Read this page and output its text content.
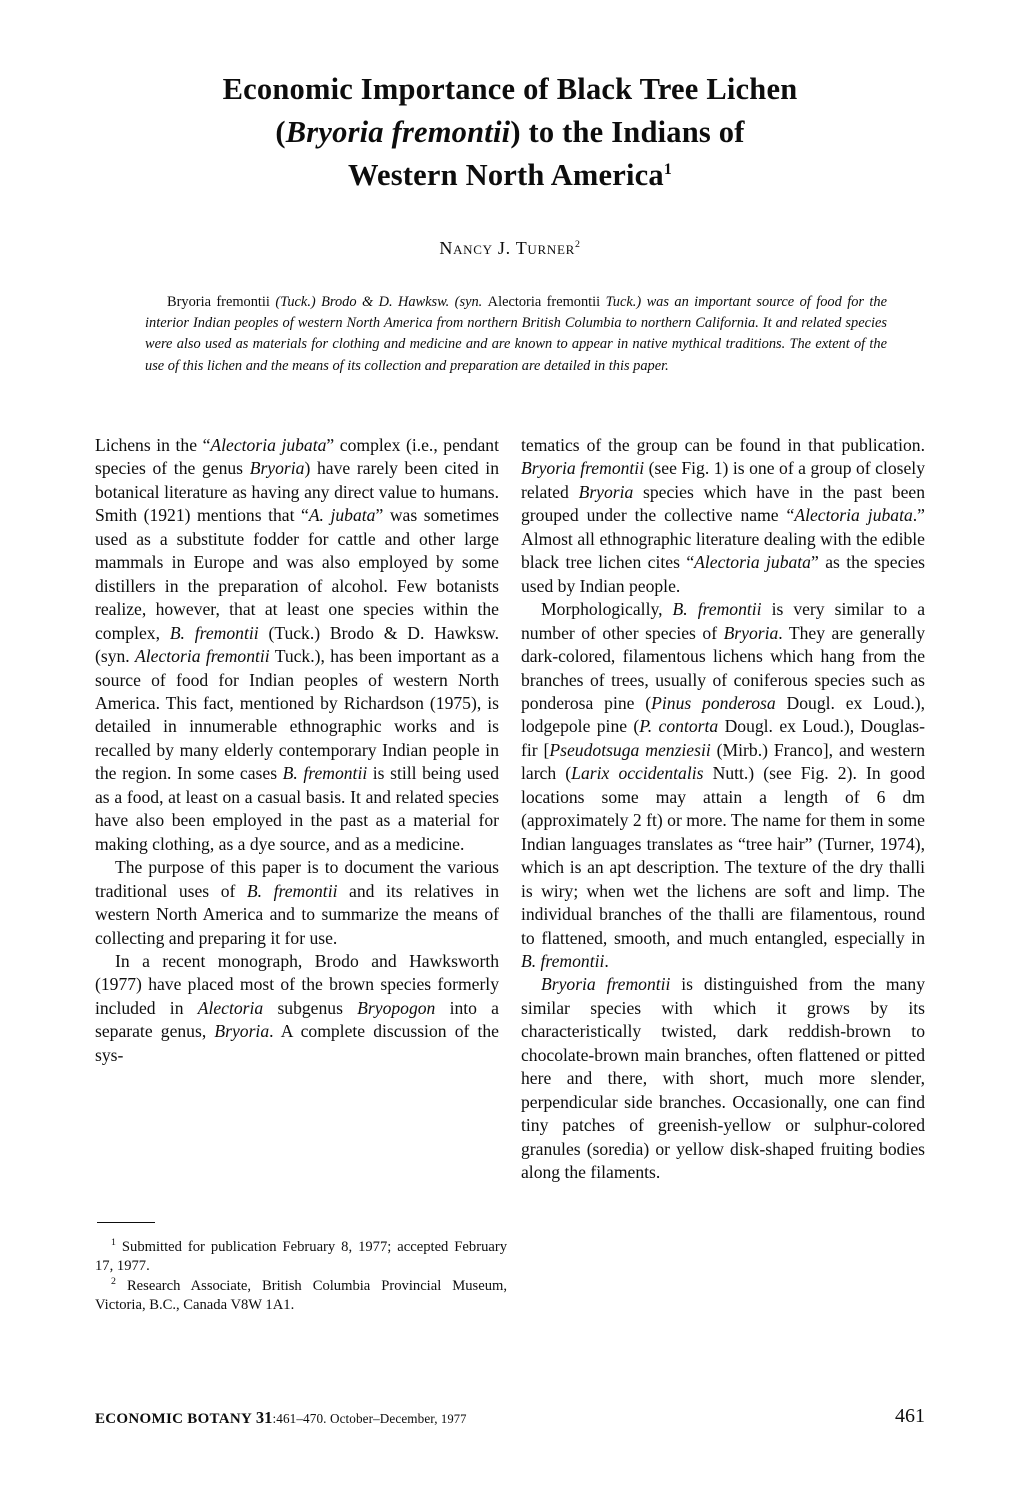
Economic Importance of Black Tree Lichen
(Bryoria fremontii) to the Indians of
Western North America$^1$
Nancy J. Turner$^2$
Bryoria fremontii (Tuck.) Brodo & D. Hawksw. (syn. Alectoria fremontii Tuck.) was an important source of food for the interior Indian peoples of western North America from northern British Columbia to northern California. It and related species were also used as materials for clothing and medicine and are known to appear in native mythical traditions. The extent of the use of this lichen and the means of its collection and preparation are detailed in this paper.

Lichens in the “Alectoria jubata” complex (i.e., pendant species of the genus Bryoria) have rarely been cited in botanical literature as having any direct value to humans. Smith (1921) mentions that “A. jubata” was sometimes used as a substitute fodder for cattle and other large mammals in Europe and was also employed by some distillers in the preparation of alcohol. Few botanists realize, however, that at least one species within the complex, B. fremontii (Tuck.) Brodo & D. Hawksw. (syn. Alectoria fremontii Tuck.), has been important as a source of food for Indian peoples of western North America. This fact, mentioned by Richardson (1975), is detailed in innumerable ethnographic works and is recalled by many elderly contemporary Indian people in the region. In some cases B. fremontii is still being used as a food, at least on a casual basis. It and related species have also been employed in the past as a material for making clothing, as a dye source, and as a medicine.

The purpose of this paper is to document the various traditional uses of B. fremontii and its relatives in western North America and to summarize the means of collecting and preparing it for use.

In a recent monograph, Brodo and Hawksworth (1977) have placed most of the brown species formerly included in Alectoria subgenus Bryopogon into a separate genus, Bryoria. A complete discussion of the sys-

tematics of the group can be found in that publication. Bryoria fremontii (see Fig. 1) is one of a group of closely related Bryoria species which have in the past been grouped under the collective name “Alectoria jubata.” Almost all ethnographic literature dealing with the edible black tree lichen cites “Alectoria jubata” as the species used by Indian people.

Morphologically, B. fremontii is very similar to a number of other species of Bryoria. They are generally dark-colored, filamentous lichens which hang from the branches of trees, usually of coniferous species such as ponderosa pine (Pinus ponderosa Dougl. ex Loud.), lodgepole pine (P. contorta Dougl. ex Loud.), Douglas-fir [Pseudotsuga menziesii (Mirb.) Franco], and western larch (Larix occidentalis Nutt.) (see Fig. 2). In good locations some may attain a length of 6 dm (approximately 2 ft) or more. The name for them in some Indian languages translates as “tree hair” (Turner, 1974), which is an apt description. The texture of the dry thalli is wiry; when wet the lichens are soft and limp. The individual branches of the thalli are filamentous, round to flattened, smooth, and much entangled, especially in B. fremontii.

Bryoria fremontii is distinguished from the many similar species with which it grows by its characteristically twisted, dark reddish-brown to chocolate-brown main branches, often flattened or pitted here and there, with short, much more slender, perpendicular side branches. Occasionally, one can find tiny patches of greenish-yellow or sulphur-colored granules (soredia) or yellow disk-shaped fruiting bodies along the filaments.

$^1$ Submitted for publication February 8, 1977; accepted February 17, 1977.

$^2$ Research Associate, British Columbia Provincial Museum, Victoria, B.C., Canada V8W 1A1.

ECONOMIC BOTANY 31:461–470. October–December, 1977	461
